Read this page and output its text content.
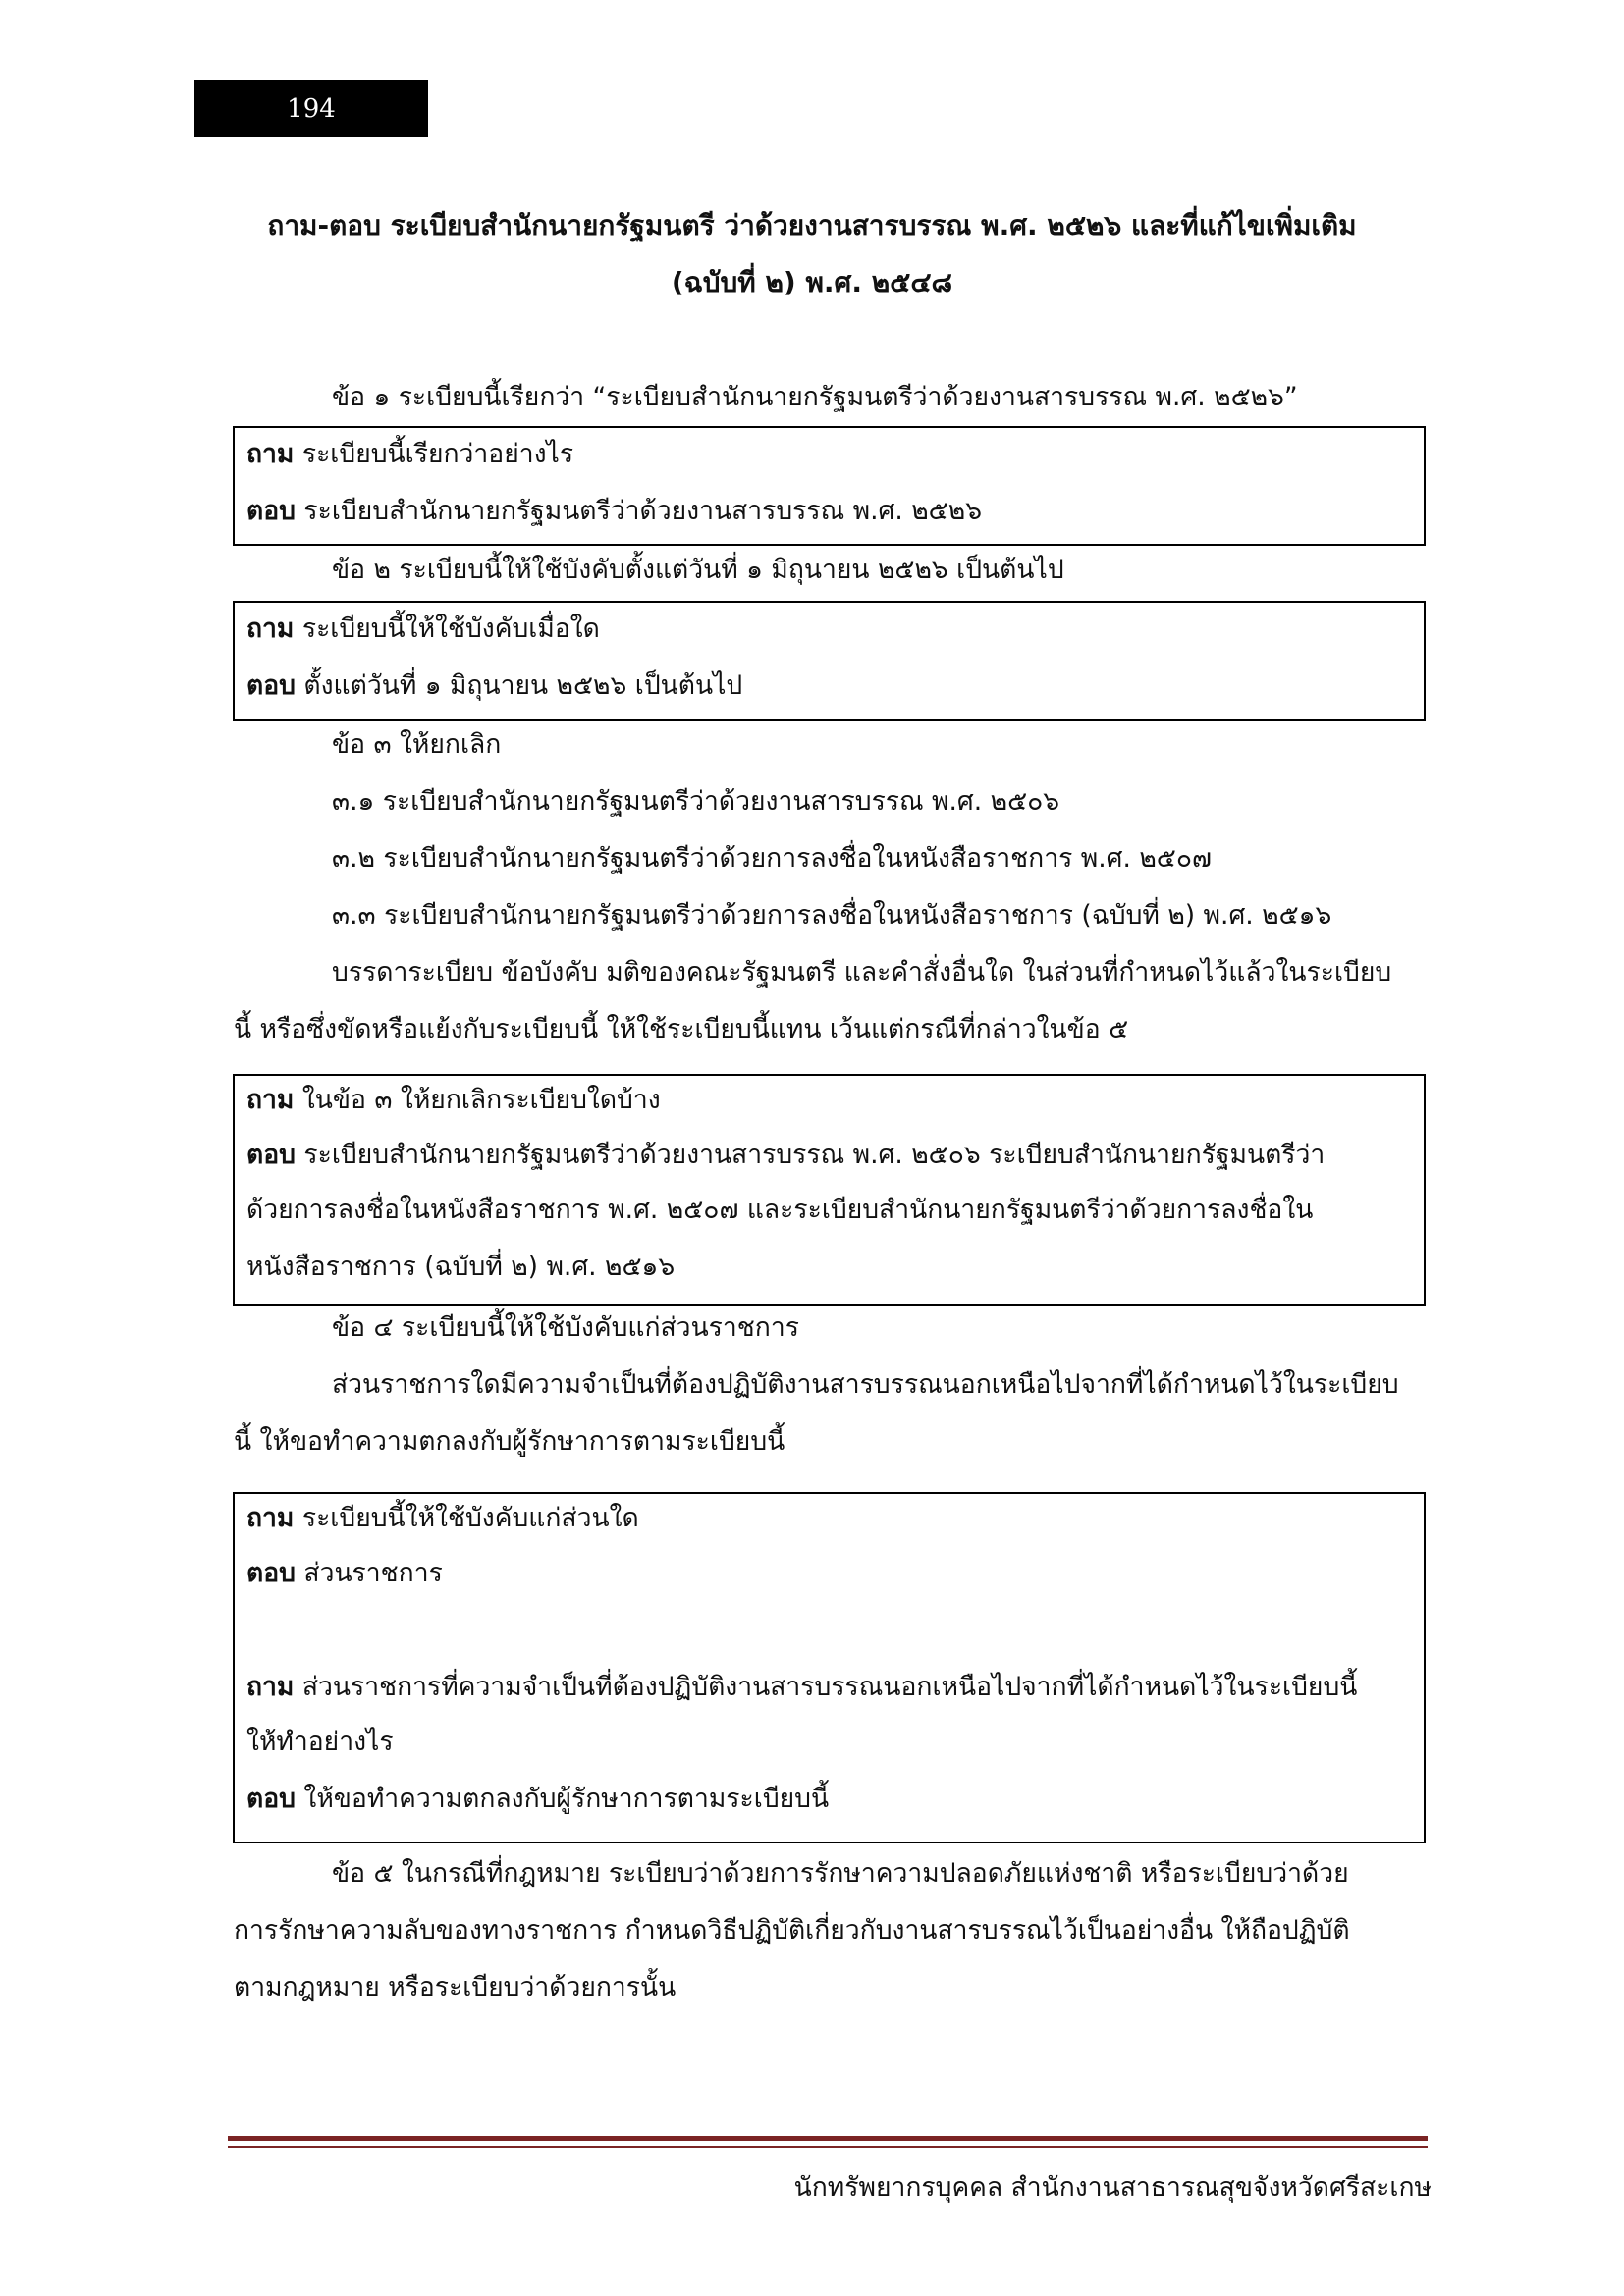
194
ถาม-ตอบ ระเบียบสำนักนายกรัฐมนตรี ว่าด้วยงานสารบรรณ พ.ศ. ๒๕๒๖ และที่แก้ไขเพิ่มเติม
(ฉบับที่ ๒) พ.ศ. ๒๕๔๘
ข้อ ๑ ระเบียบนี้เรียกว่า “ระเบียบสำนักนายกรัฐมนตรีว่าด้วยงานสารบรรณ พ.ศ. ๒๕๒๖”
ถาม ระเบียบนี้เรียกว่าอย่างไร
ตอบ ระเบียบสำนักนายกรัฐมนตรีว่าด้วยงานสารบรรณ พ.ศ. ๒๕๒๖
ข้อ ๒ ระเบียบนี้ให้ใช้บังคับตั้งแต่วันที่ ๑ มิถุนายน ๒๕๒๖ เป็นต้นไป
ถาม ระเบียบนี้ให้ใช้บังคับเมื่อใด
ตอบ ตั้งแต่วันที่ ๑ มิถุนายน ๒๕๒๖ เป็นต้นไป
ข้อ ๓ ให้ยกเลิก
๓.๑ ระเบียบสำนักนายกรัฐมนตรีว่าด้วยงานสารบรรณ พ.ศ. ๒๕๐๖
๓.๒ ระเบียบสำนักนายกรัฐมนตรีว่าด้วยการลงชื่อในหนังสือราชการ พ.ศ. ๒๕๐๗
๓.๓ ระเบียบสำนักนายกรัฐมนตรีว่าด้วยการลงชื่อในหนังสือราชการ (ฉบับที่ ๒) พ.ศ. ๒๕๑๖
บรรดาระเบียบ ข้อบังคับ มติของคณะรัฐมนตรี และคำสั่งอื่นใด ในส่วนที่กำหนดไว้แล้วในระเบียบ
นี้ หรือซึ่งขัดหรือแย้งกับระเบียบนี้ ให้ใช้ระเบียบนี้แทน เว้นแต่กรณีที่กล่าวในข้อ ๕
ถาม ในข้อ ๓ ให้ยกเลิกระเบียบใดบ้าง
ตอบ ระเบียบสำนักนายกรัฐมนตรีว่าด้วยงานสารบรรณ พ.ศ. ๒๕๐๖ ระเบียบสำนักนายกรัฐมนตรีว่า
ด้วยการลงชื่อในหนังสือราชการ พ.ศ. ๒๕๐๗ และระเบียบสำนักนายกรัฐมนตรีว่าด้วยการลงชื่อใน
หนังสือราชการ (ฉบับที่ ๒) พ.ศ. ๒๕๑๖
ข้อ ๔ ระเบียบนี้ให้ใช้บังคับแก่ส่วนราชการ
ส่วนราชการใดมีความจำเป็นที่ต้องปฏิบัติงานสารบรรณนอกเหนือไปจากที่ได้กำหนดไว้ในระเบียบ
นี้ ให้ขอทำความตกลงกับผู้รักษาการตามระเบียบนี้
ถาม ระเบียบนี้ให้ใช้บังคับแก่ส่วนใด
ตอบ ส่วนราชการ
ถาม ส่วนราชการที่ความจำเป็นที่ต้องปฏิบัติงานสารบรรณนอกเหนือไปจากที่ได้กำหนดไว้ในระเบียบนี้
ให้ทำอย่างไร
ตอบ ให้ขอทำความตกลงกับผู้รักษาการตามระเบียบนี้
ข้อ ๕ ในกรณีที่กฎหมาย ระเบียบว่าด้วยการรักษาความปลอดภัยแห่งชาติ หรือระเบียบว่าด้วย
การรักษาความลับของทางราชการ กำหนดวิธีปฏิบัติเกี่ยวกับงานสารบรรณไว้เป็นอย่างอื่น ให้ถือปฏิบัติ
ตามกฎหมาย หรือระเบียบว่าด้วยการนั้น
นักทรัพยากรบุคคล สำนักงานสาธารณสุขจังหวัดศรีสะเกษ
